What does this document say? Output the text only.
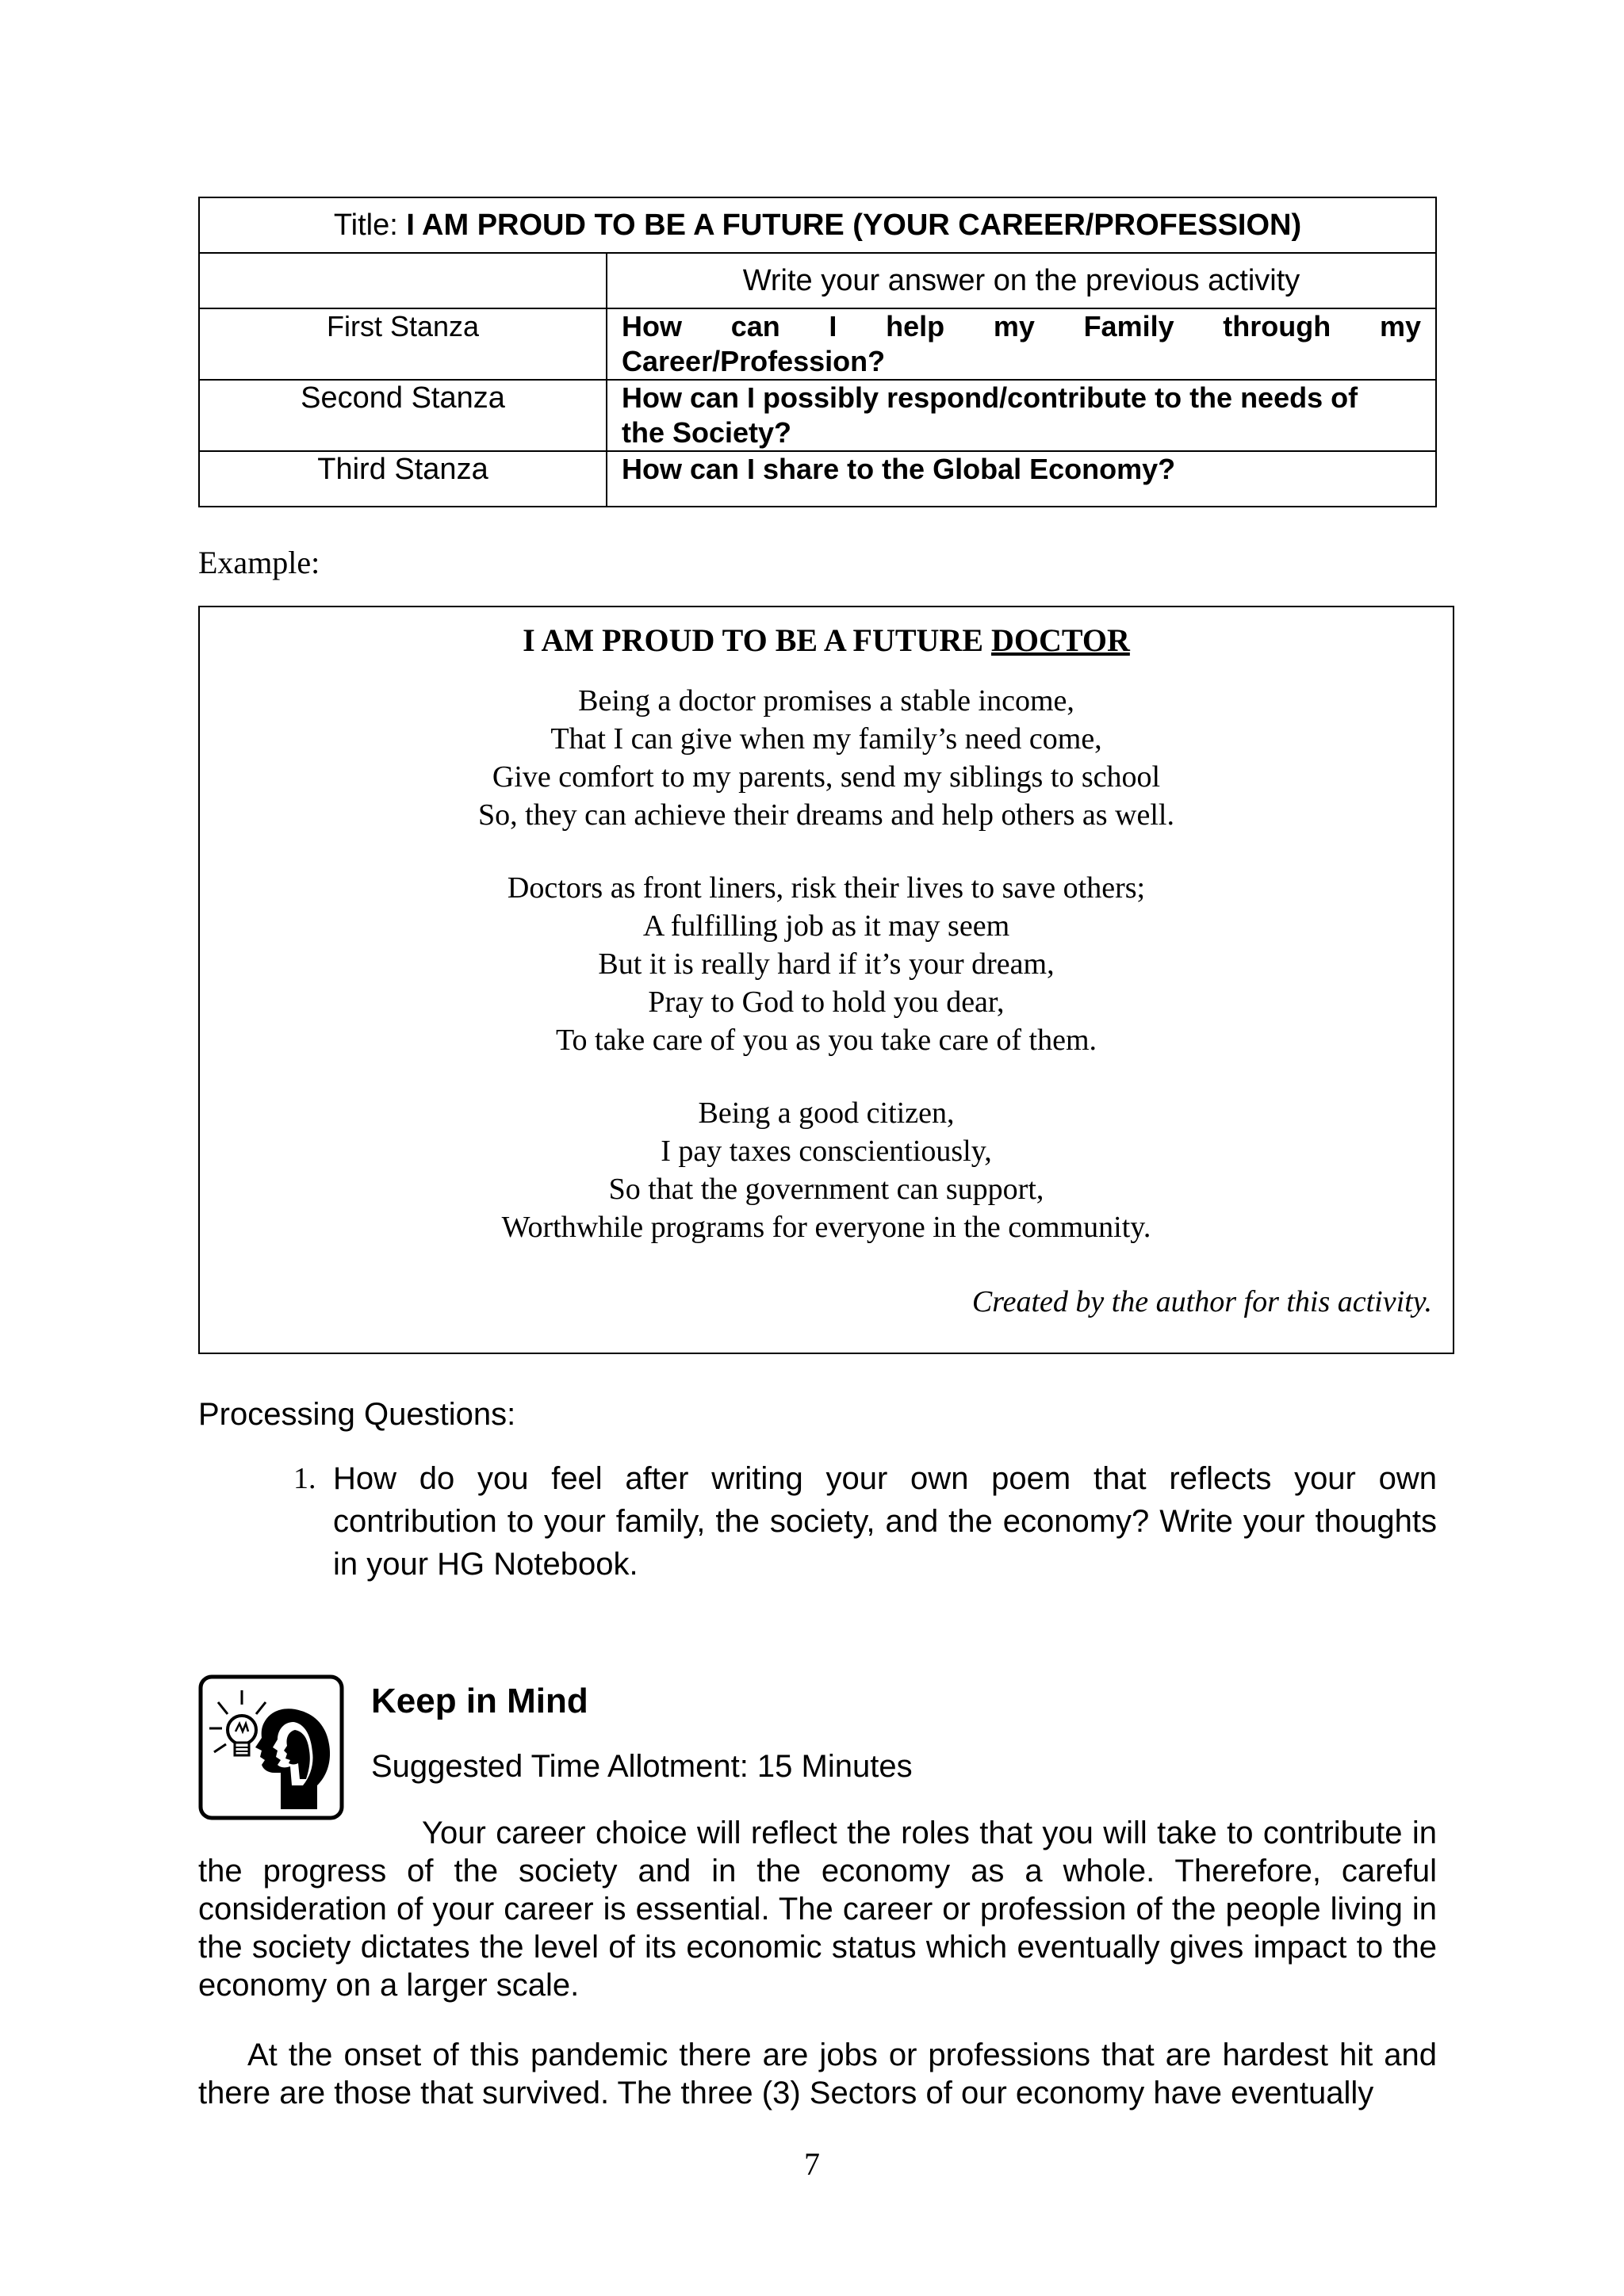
Title: I AM PROUD TO BE A FUTURE (YOUR CAREER/PROFESSION)	
	Write your answer on the previous activity
First Stanza	How can I help my Family through my
Career/Profession?
Second Stanza	How can I possibly respond/contribute to the needs of
the Society?
Third Stanza	How can I share to the Global Economy?
Example:
I AM PROUD TO BE A FUTURE DOCTOR
Being a doctor promises a stable income,
That I can give when my family’s need come,
Give comfort to my parents, send my siblings to school
So, they can achieve their dreams and help others as well.
Doctors as front liners, risk their lives to save others;
A fulfilling job as it may seem
But it is really hard if it’s your dream,
Pray to God to hold you dear,
To take care of you as you take care of them.
Being a good citizen,
I pay taxes conscientiously,
So that the government can support,
Worthwhile programs for everyone in the community.
Created by the author for this activity.
Processing Questions:
1. How do you feel after writing your own poem that reflects your own contribution to your family, the society, and the economy? Write your thoughts in your HG Notebook.
Keep in Mind
Suggested Time Allotment: 15 Minutes
Your career choice will reflect the roles that you will take to contribute in the progress of the society and in the economy as a whole. Therefore, careful consideration of your career is essential. The career or profession of the people living in the society dictates the level of its economic status which eventually gives impact to the economy on a larger scale.
At the onset of this pandemic there are jobs or professions that are hardest hit and there are those that survived. The three (3) Sectors of our economy have eventually
7
